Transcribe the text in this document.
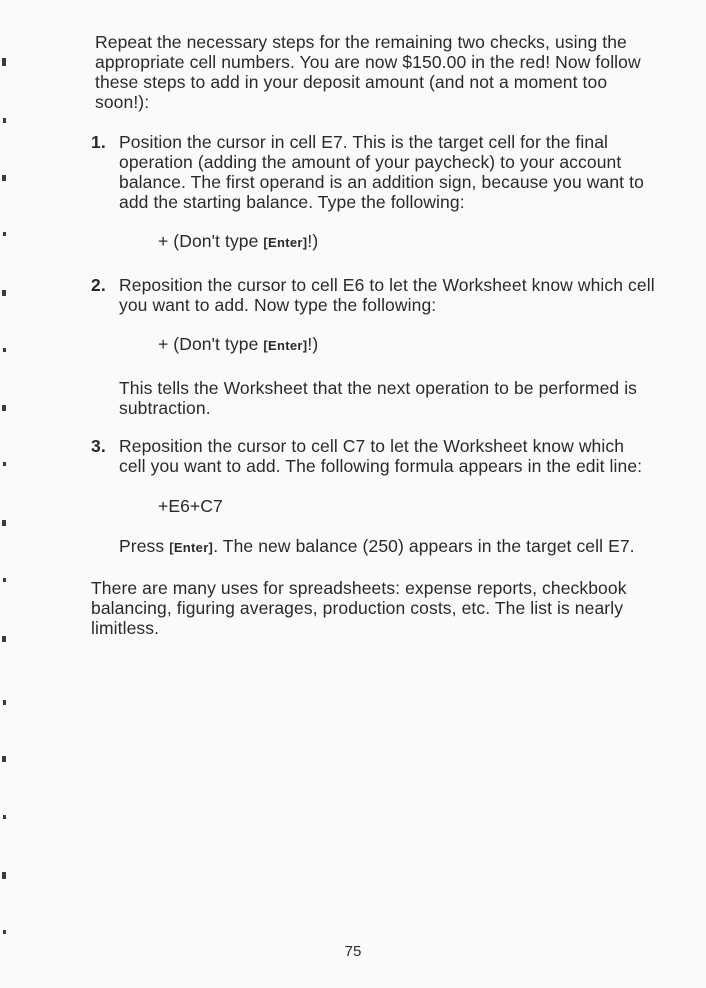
Repeat the necessary steps for the remaining two checks, using the appropriate cell numbers. You are now $150.00 in the red! Now follow these steps to add in your deposit amount (and not a moment too soon!):

1. Position the cursor in cell E7. This is the target cell for the final operation (adding the amount of your paycheck) to your account balance. The first operand is an addition sign, because you want to add the starting balance. Type the following:

+ (Don't type [Enter]!)

2. Reposition the cursor to cell E6 to let the Worksheet know which cell you want to add. Now type the following:

+ (Don't type [Enter]!)

This tells the Worksheet that the next operation to be performed is subtraction.

3. Reposition the cursor to cell C7 to let the Worksheet know which cell you want to add. The following formula appears in the edit line:

+E6+C7

Press [Enter]. The new balance (250) appears in the target cell E7.

There are many uses for spreadsheets: expense reports, checkbook balancing, figuring averages, production costs, etc. The list is nearly limitless.

75
